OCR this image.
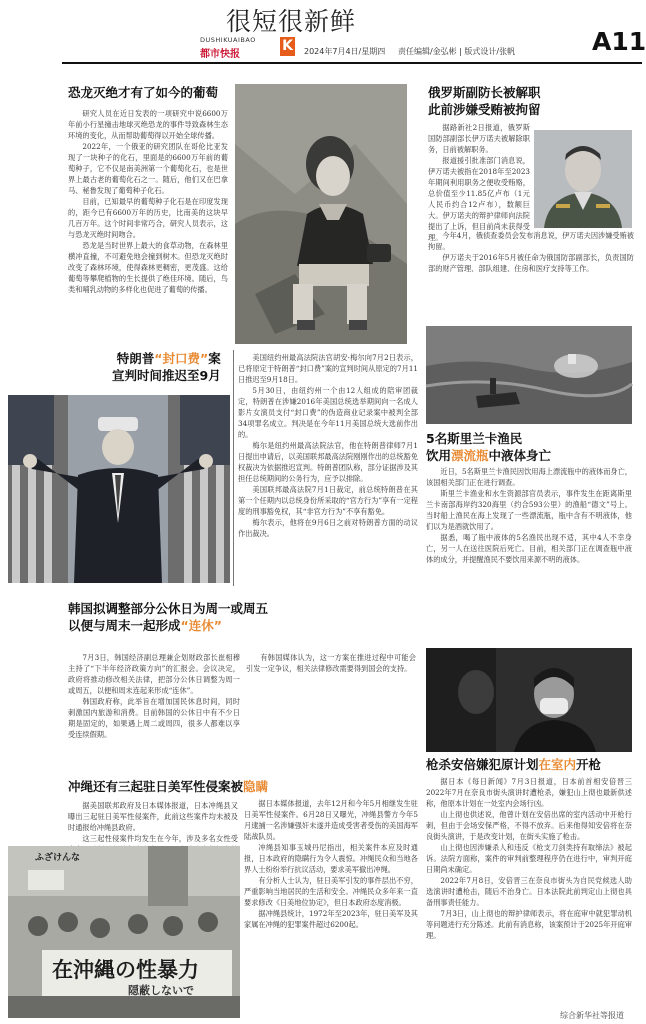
很短很新鲜
DUSHIKUAIBAO
都市快报
K 2024年7月4日/星期四 责任编辑/金弘彬 | 版式设计/张帆	A11
恐龙灭绝才有了如今的葡萄

研究人员在近日发表的一项研究中说6600万年前小行星撞击地球灭绝恐龙的事件导致森林生态环境的变化，从而帮助葡萄得以开始全球传播。

2022年，一个俄亚的研究团队在哥伦比亚发现了一块种子的化石，里面是的6600万年前的葡萄种子，它不仅是南美洲第一个葡萄化石，也是世界上最古老的葡萄化石之一。随后，他们又在巴拿马、秘鲁发现了葡萄种子化石。

目前，已知最早的葡萄种子化石是在印度发现的，距今已有6600万年的历史，比南美的这块早几百万年。这个时间非常巧合，研究人员表示，这与恐龙灭绝时间吻合。

恐龙是当时世界上最大的食草动物，在森林里横冲直撞，不可避免地会撞到树木。但恐龙灭绝时改变了森林环境，使得森林更稠密，更茂盛。这给葡萄等攀爬植物的生长提供了绝佳环境。随后，鸟类和哺乳动物的多样化也促进了葡萄的传播。

俄罗斯副防长被解职
此前涉嫌受贿被拘留

据路新社2日报道，俄罗斯国防部副部长伊万诺夫被解除职务，日前被解职务。

报道援引批准部门消息说，伊万诺夫被指在2018年至2023年期间利用职务之便收受贿赂，总价值至少11.85亿卢布（1元人民币约合12卢布），数额巨大。伊万诺夫的辩护律师向法院提出了上诉，但目前尚未获得受理。 今年4月，俄侦查委员会发布消息说，伊万诺夫因涉嫌受贿被拘留。

伊万诺夫于2016年5月被任命为俄国防部副部长，负责国防部的财产管理、部队组建、住房和医疗支持等工作。

特朗普“封口费”案
宣判时间推迟至9月

美国纽约州最高法院法官胡安·梅尔向7月2日表示，已将原定于特朗普“封口费”案的宣判时间从原定的7月11日推迟至9月18日。

5月30日，由纽约州一个由12人组成的陪审团裁定，特朗普在涉嫌2016年美国总统选举期间向一名成人影片女演员支付“封口费”的伪造商业记录案中被判全部34项罪名成立。判决是在今年11月美国总统大选前作出的。

梅尔是纽约州最高法院法官，他在特朗普律师7月1日提出申请后，以美国联邦最高法院刚刚作出的总统豁免权裁决为依据推迟宣判。特朗普团队称，部分证据涉及其担任总统期间的公务行为，应予以排除。

美国联邦最高法院7月1日裁定，前总统特朗普在其第一个任期内以总统身份所采取的“官方行为”享有一定程度的刑事豁免权，其“非官方行为”不享有豁免。

梅尔表示，他将在9月6日之前对特朗普方面的动议作出裁决。

5名斯里兰卡渔民
饮用漂流瓶中液体身亡

近日，5名斯里兰卡渔民因饮用海上漂流瓶中的液体而身亡，该国相关部门正在进行调查。

斯里兰卡渔业和水生资源部官员表示，事件发生在距离斯里兰卡南部海岸约320海里（约合593公里）的渔船“德文”号上。当时船上渔民在海上发现了一些漂流瓶，瓶中含有不明液体，他们以为是酒就饮用了。

据悉，喝了瓶中液体的5名渔民出现不适，其中4人不幸身亡，另一人在送往医院后死亡。目前，相关部门正在调查瓶中液体的成分，并提醒渔民不要饮用来源不明的液体。

韩国拟调整部分公休日为周一或周五
以便与周末一起形成“连休”

7月3日，韩国经济副总理兼企划财政部长崔相穆主持了“下半年经济政策方向”的汇报会。会议决定，政府将推动修改相关法律，把部分公休日调整为周一或周五，以便和周末连起来形成“连休”。

韩国政府称，此举旨在增加国民休息时间，同时刺激国内旅游和消费。目前韩国的公休日中有不少日期是固定的，如果遇上周二或周四，很多人都难以享受连续假期。

有韩国媒体认为，这一方案在推进过程中可能会引发一定争议，相关法律修改需要得到国会的支持。

冲绳还有三起驻日美军性侵案被隐瞒

据美国联邦政府及日本媒体报道，日本冲绳县又曝出三起驻日美军性侵案件，此前这些案件均未被及时通报给冲绳县政府。

这三起性侵案件均发生在今年，涉及多名女性受

据日本媒体报道，去年12月和今年5月相继发生驻日美军性侵案件。6月28日又曝光，冲绳县警方今年5月逮捕一名涉嫌强奸未遂并造成受害者受伤的美国海军陆战队员。

冲绳县知事玉城丹尼指出，相关案件本应及时通报，日本政府的隐瞒行为令人震惊。冲绳民众和当地各界人士纷纷举行抗议活动，要求美军撤出冲绳。

有分析人士认为，驻日美军引发的事件层出不穷，严重影响当地居民的生活和安全。冲绳民众多年来一直要求修改《日美地位协定》，但日本政府态度消极。

据冲绳县统计，1972年至2023年，驻日美军及其家属在冲绳的犯罪案件超过6200起。

ふざけんな
在沖縄の性暴力
隠蔽しないで
枪杀安倍嫌犯原计划在室内开枪

据日本《每日新闻》7月3日报道，日本前首相安倍晋三2022年7月在奈良市街头演讲时遭枪杀，嫌犯山上彻也最新供述称，他原本计划在一处室内会场行凶。

山上彻也供述说，他曾计划在安倍出席的室内活动中开枪行刺，但由于会场安保严格，不得不放弃。后来他得知安倍将在奈良街头演讲，于是改变计划，在街头实施了枪击。

山上彻也因涉嫌杀人和违反《枪支刀剑类持有取缔法》被起诉。法院方面称，案件的审判前整理程序仍在进行中，审判开庭日期尚未确定。

2022年7月8日，安倍晋三在奈良市街头为自民党候选人助选演讲时遭枪击，随后不治身亡。日本法院此前判定山上彻也具备刑事责任能力。

7月3日，山上彻也的辩护律师表示，将在庭审中就犯罪动机等问题进行充分陈述。此前有消息称，该案预计于2025年开庭审理。

综合新华社等报道
